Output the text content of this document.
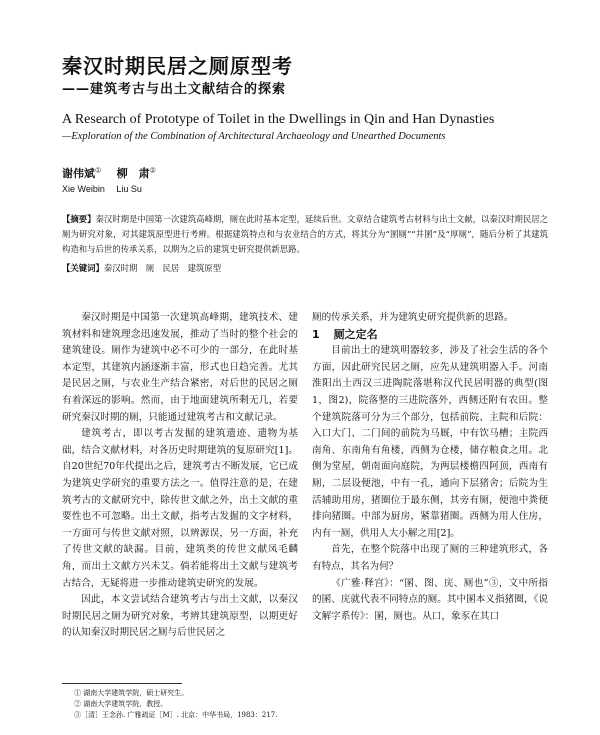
秦汉时期民居之厕原型考
——建筑考古与出土文献结合的探索
A Research of Prototype of Toilet in the Dwellings in Qin and Han Dynasties
—Exploration of the Combination of Architectural Archaeology and Unearthed Documents
谢伟斌① 柳　肃②
Xie Weibin　 Liu Su
【摘要】秦汉时期是中国第一次建筑高峰期，厕在此时基本定型，延续后世。文章结合建筑考古材料与出土文献，以秦汉时期民居之厕为研究对象，对其建筑原型进行考辨。根据建筑特点和与农业结合的方式，将其分为“圂厕”“井圂”及“厚厕”，随后分析了其建筑构造和与后世的传承关系，以期为之后的建筑史研究提供新思路。
【关键词】秦汉时期　厕　民居　建筑原型

秦汉时期是中国第一次建筑高峰期，建筑技术、建筑材料和建筑理念迅速发展，推动了当时的整个社会的建筑建设。厕作为建筑中必不可少的一部分，在此时基本定型，其建筑内涵逐渐丰富，形式也日趋完善。尤其是民居之厕，与农业生产结合紧密，对后世的民居之厕有着深远的影响。然而，由于地面建筑所剩无几，若要研究秦汉时期的厕，只能通过建筑考古和文献记录。

建筑考古，即以考古发掘的建筑遗迹、遗物为基础，结合文献材料，对各历史时期建筑的复原研究[1]。自20世纪70年代提出之后，建筑考古不断发展，它已成为建筑史学研究的重要方法之一。值得注意的是，在建筑考古的文献研究中，除传世文献之外，出土文献的重要性也不可忽略。出土文献，指考古发掘的文字材料，一方面可与传世文献对照，以辨源误，另一方面，补充了传世文献的缺漏。目前，建筑类的传世文献凤毛麟角，而出土文献方兴未艾。倘若能将出土文献与建筑考古结合，无疑将进一步推动建筑史研究的发展。

因此，本文尝试结合建筑考古与出土文献，以秦汉时期民居之厕为研究对象，考辨其建筑原型，以期更好的认知秦汉时期民居之厕与后世民居之

厕的传承关系，并为建筑史研究提供新的思路。

1 厕之定名

目前出土的建筑明器较多，涉及了社会生活的各个方面，因此研究民居之厕，应先从建筑明器入手。河南淮阳出土西汉三进陶院落堪称汉代民居明器的典型(图1，图2)，院落整的三进院落外，西侧还附有农田。整个建筑院落可分为三个部分，包括前院、主院和后院：入口大门、二门间的前院为马厩，中有饮马槽；主院西南角、东南角有角楼，西侧为仓楼，储存粮食之用。北侧为堂屋，朝南面向庭院，为两层楼檐四阿顶，西南有厕，二层设便池，中有一孔，通向下层猪舍；后院为生活辅助用房，猪圈位于最东侧，其旁有厕，便池中粪便排向猪圈。中部为厨房，紧靠猪圈。西侧为用人住房，内有一厕，供用人大小解之用[2]。

首先，在整个院落中出现了厕的三种建筑形式，各有特点，其名为何？

《广雅·释宫》：“圂、图、庑、厕也”③，文中所指的圂、庑就代表不同特点的厕。其中圂本义指猪圈，《说文解字系传》：圂，厕也。从口，象豕在其口

① 湖南大学建筑学院，硕士研究生。
② 湖南大学建筑学院，教授。
③［清］王念孙. 广雅疏证［M］. 北京：中华书局，1983：217.
